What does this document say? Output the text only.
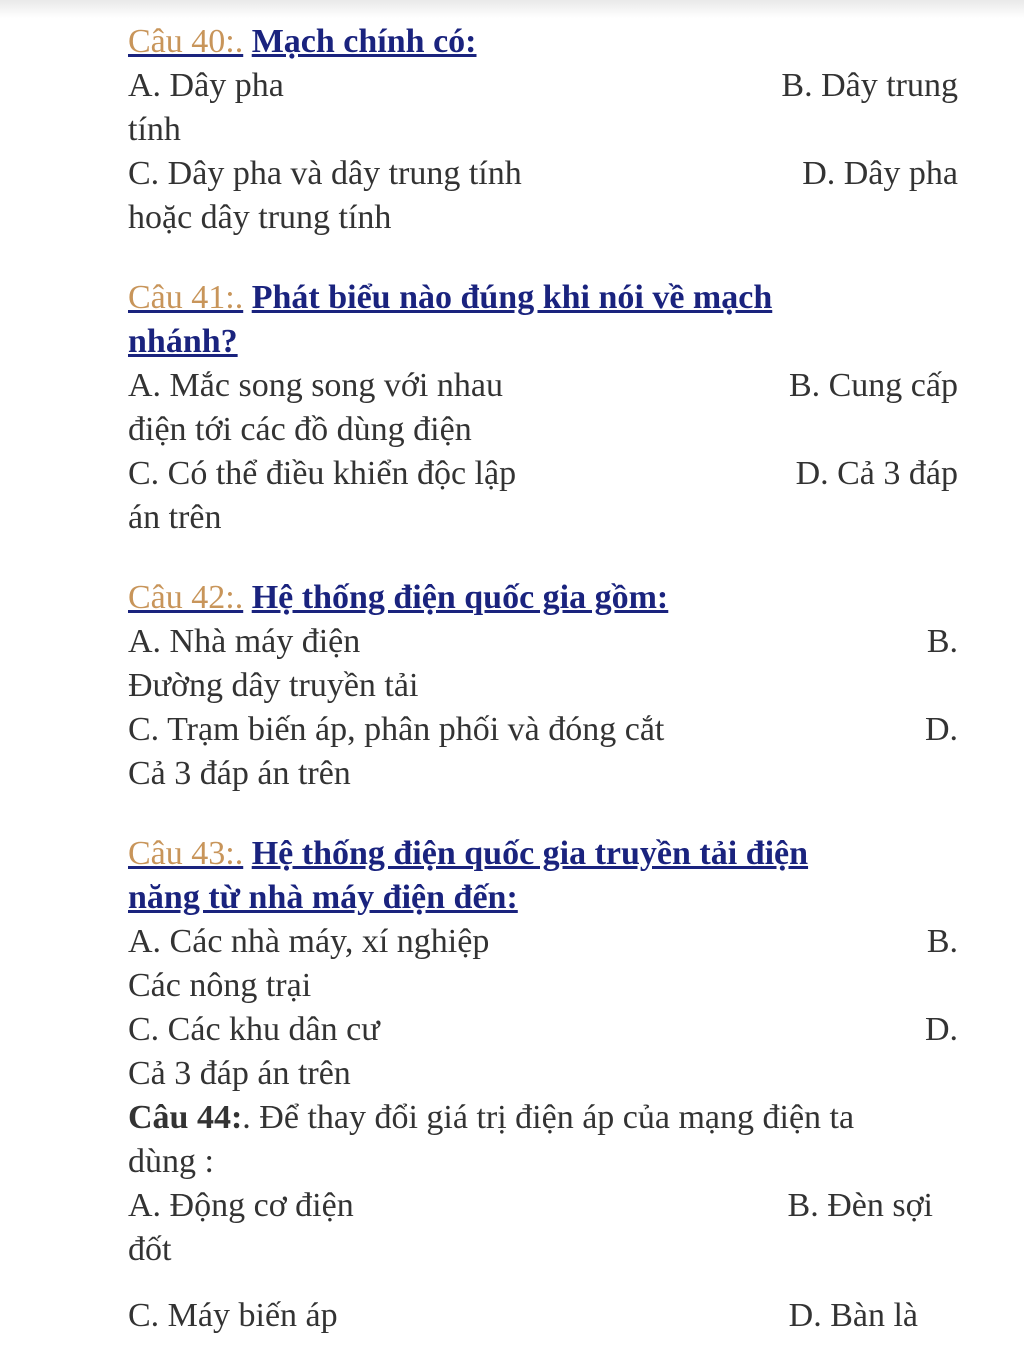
Câu 40:. Mạch chính có:
A. Dây pha	B. Dây trung
tính
C. Dây pha và dây trung tính	D. Dây pha
hoặc dây trung tính
Câu 41:. Phát biểu nào đúng khi nói về mạch
nhánh?
A. Mắc song song với nhau	B. Cung cấp
điện tới các đồ dùng điện
C. Có thể điều khiển độc lập	D. Cả 3 đáp
án trên
Câu 42:. Hệ thống điện quốc gia gồm:
A. Nhà máy điện	B.
Đường dây truyền tải
C. Trạm biến áp, phân phối và đóng cắt	D.
Cả 3 đáp án trên
Câu 43:. Hệ thống điện quốc gia truyền tải điện
năng từ nhà máy điện đến:
A. Các nhà máy, xí nghiệp	B.
Các nông trại
C. Các khu dân cư	D.
Cả 3 đáp án trên
Câu 44:. Để thay đổi giá trị điện áp của mạng điện ta
dùng :
A. Động cơ điện	B. Đèn sợi
đốt
C. Máy biến áp	D. Bàn là
